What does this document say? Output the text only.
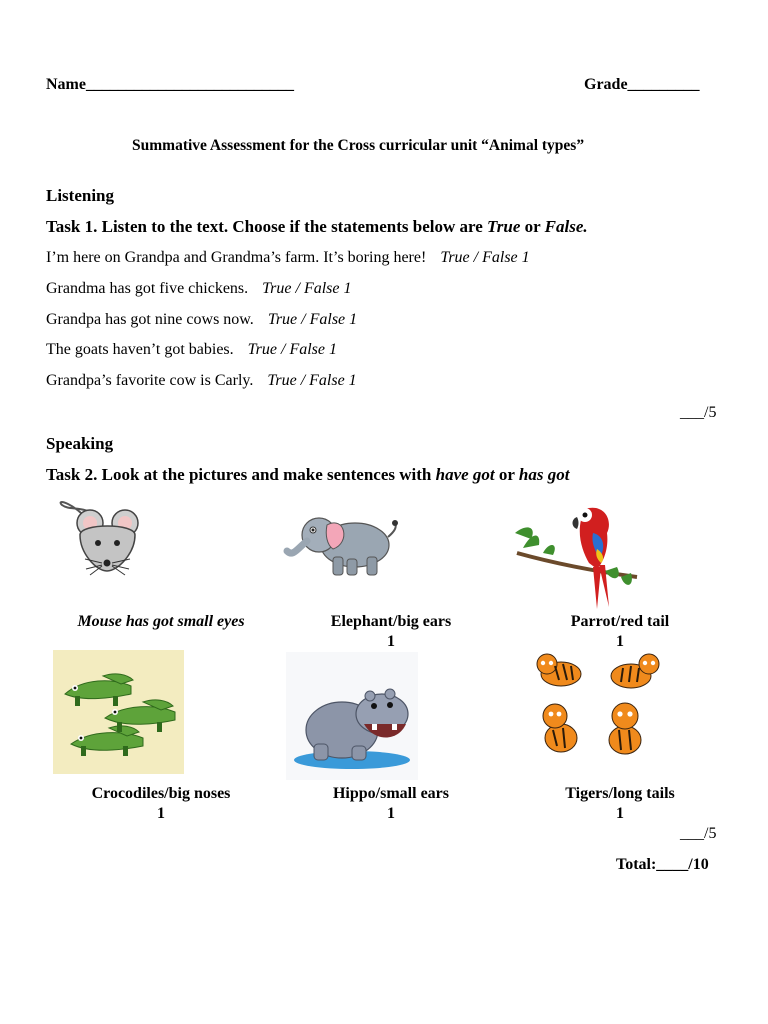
Name__________________________	Grade_________
Summative Assessment for the Cross curricular unit “Animal types”
Listening
Task 1. Listen to the text. Choose if the statements below are True or False.
I’m here on Grandpa and Grandma’s farm. It’s boring here! True / False 1
Grandma has got five chickens. True / False 1
Grandpa has got nine cows now. True / False 1
The goats haven’t got babies. True / False 1
Grandpa’s favorite cow is Carly. True / False 1
___/5
Speaking
Task 2. Look at the pictures and make sentences with have got or has got
Mouse has got small eyes	Elephant/big ears
1
Parrot/red tail
1
Crocodiles/big noses
1
Hippo/small ears
1
Tigers/long tails
1
___/5
Total:____/10
